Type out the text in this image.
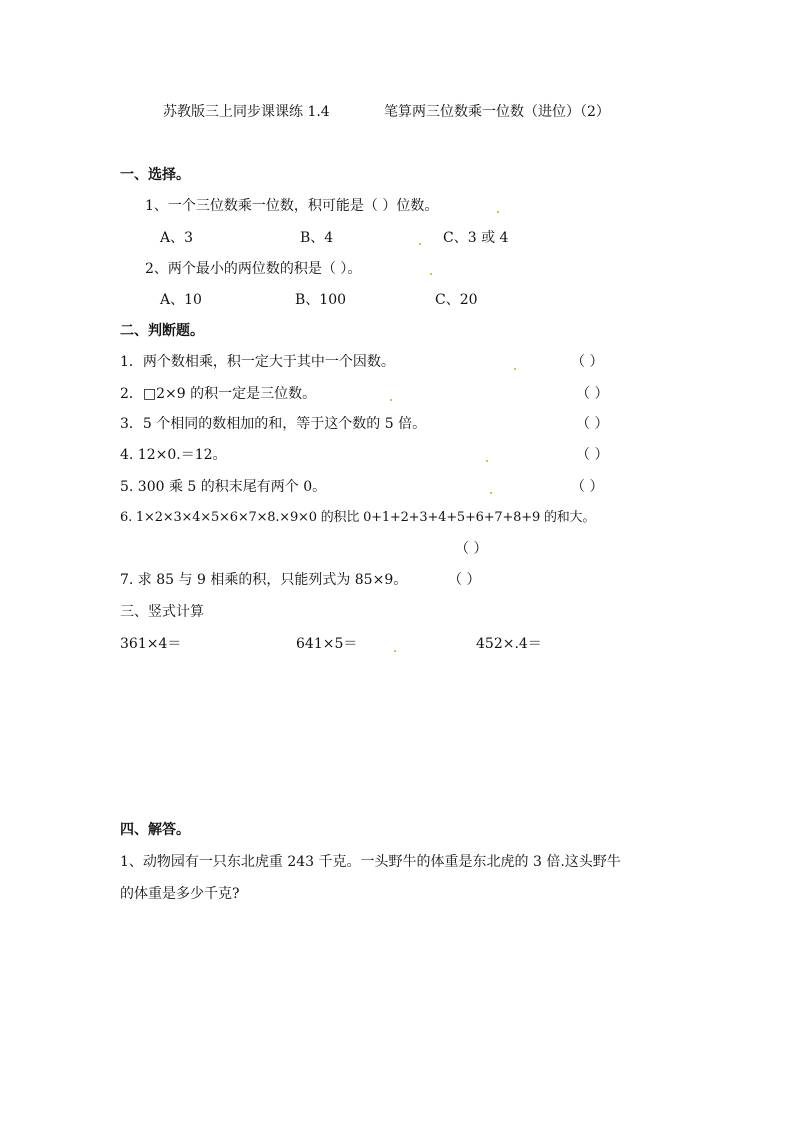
苏教版三上同步课课练 1.4	笔算两三位数乘一位数（进位）（2）
一、选择。
1、一个三位数乘一位数，积可能是（ ）位数。
A、3	B、4	C、3 或 4
2、两个最小的两位数的积是（ ）。
A、10	B、100	C、20
二、判断题。
1．两个数相乘，积一定大于其中一个因数。	（ ）
2．□2×9 的积一定是三位数。	（ ）
3．5 个相同的数相加的和，等于这个数的 5 倍。	（ ）
4. 12×0.＝12。	（ ）
5. 300 乘 5 的积末尾有两个 0。	（ ）
6. 1×2×3×4×5×6×7×8.×9×0 的积比 0+1+2+3+4+5+6+7+8+9 的和大。
（ ）
7. 求 85 与 9 相乘的积，只能列式为 85×9。	（ ）
三、竖式计算
361×4＝	641×5＝	452×.4＝
四、解答。
1、动物园有一只东北虎重 243 千克。一头野牛的体重是东北虎的 3 倍.这头野牛
的体重是多少千克?
